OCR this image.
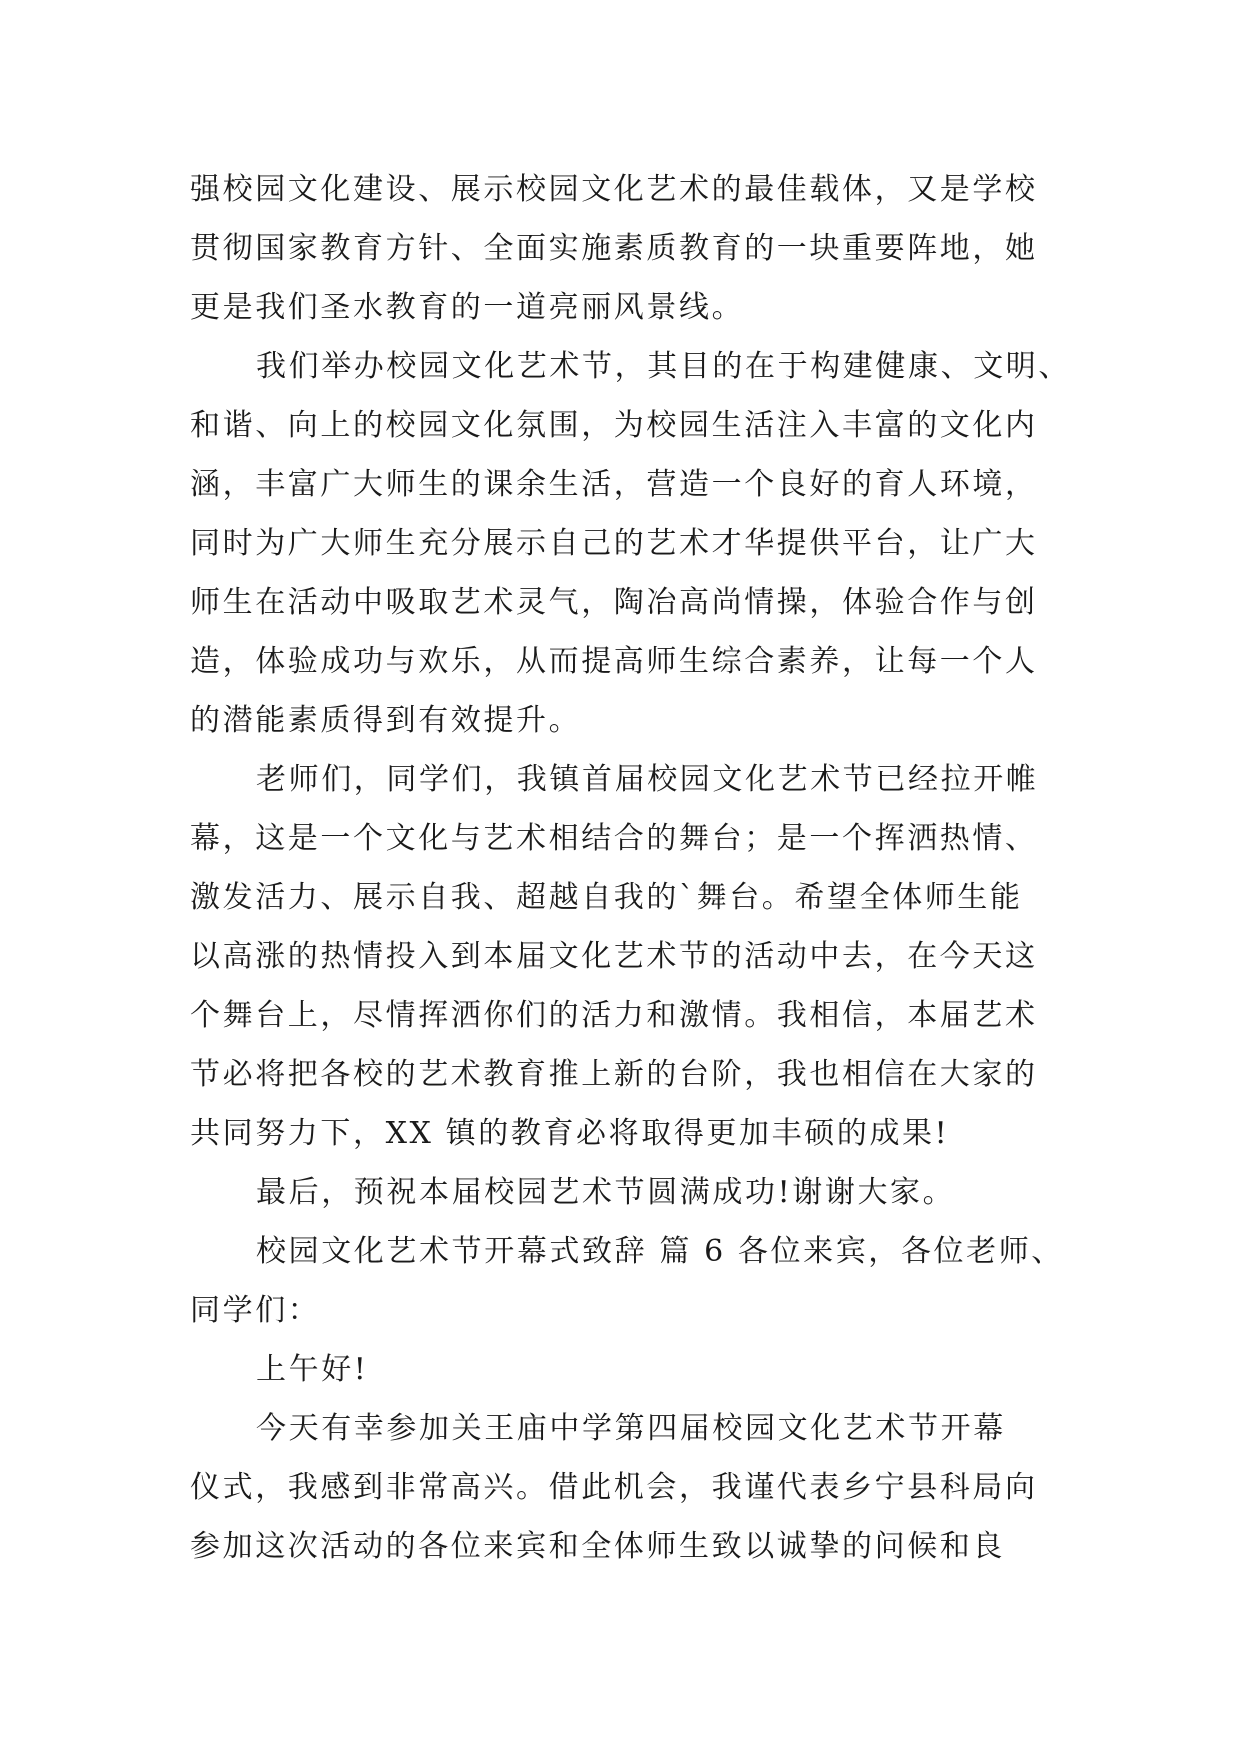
强校园文化建设、展示校园文化艺术的最佳载体，又是学校
贯彻国家教育方针、全面实施素质教育的一块重要阵地，她
更是我们圣水教育的一道亮丽风景线。
我们举办校园文化艺术节，其目的在于构建健康、文明、
和谐、向上的校园文化氛围，为校园生活注入丰富的文化内
涵，丰富广大师生的课余生活，营造一个良好的育人环境，
同时为广大师生充分展示自己的艺术才华提供平台，让广大
师生在活动中吸取艺术灵气，陶冶高尚情操，体验合作与创
造，体验成功与欢乐，从而提高师生综合素养，让每一个人
的潜能素质得到有效提升。
老师们，同学们，我镇首届校园文化艺术节已经拉开帷
幕，这是一个文化与艺术相结合的舞台；是一个挥洒热情、
激发活力、展示自我、超越自我的`舞台。希望全体师生能
以高涨的热情投入到本届文化艺术节的活动中去，在今天这
个舞台上，尽情挥洒你们的活力和激情。我相信，本届艺术
节必将把各校的艺术教育推上新的台阶，我也相信在大家的
共同努力下，XX 镇的教育必将取得更加丰硕的成果!
最后，预祝本届校园艺术节圆满成功!谢谢大家。
校园文化艺术节开幕式致辞 篇 6 各位来宾，各位老师、
同学们：
上午好!
今天有幸参加关王庙中学第四届校园文化艺术节开幕
仪式，我感到非常高兴。借此机会，我谨代表乡宁县科局向
参加这次活动的各位来宾和全体师生致以诚挚的问候和良
